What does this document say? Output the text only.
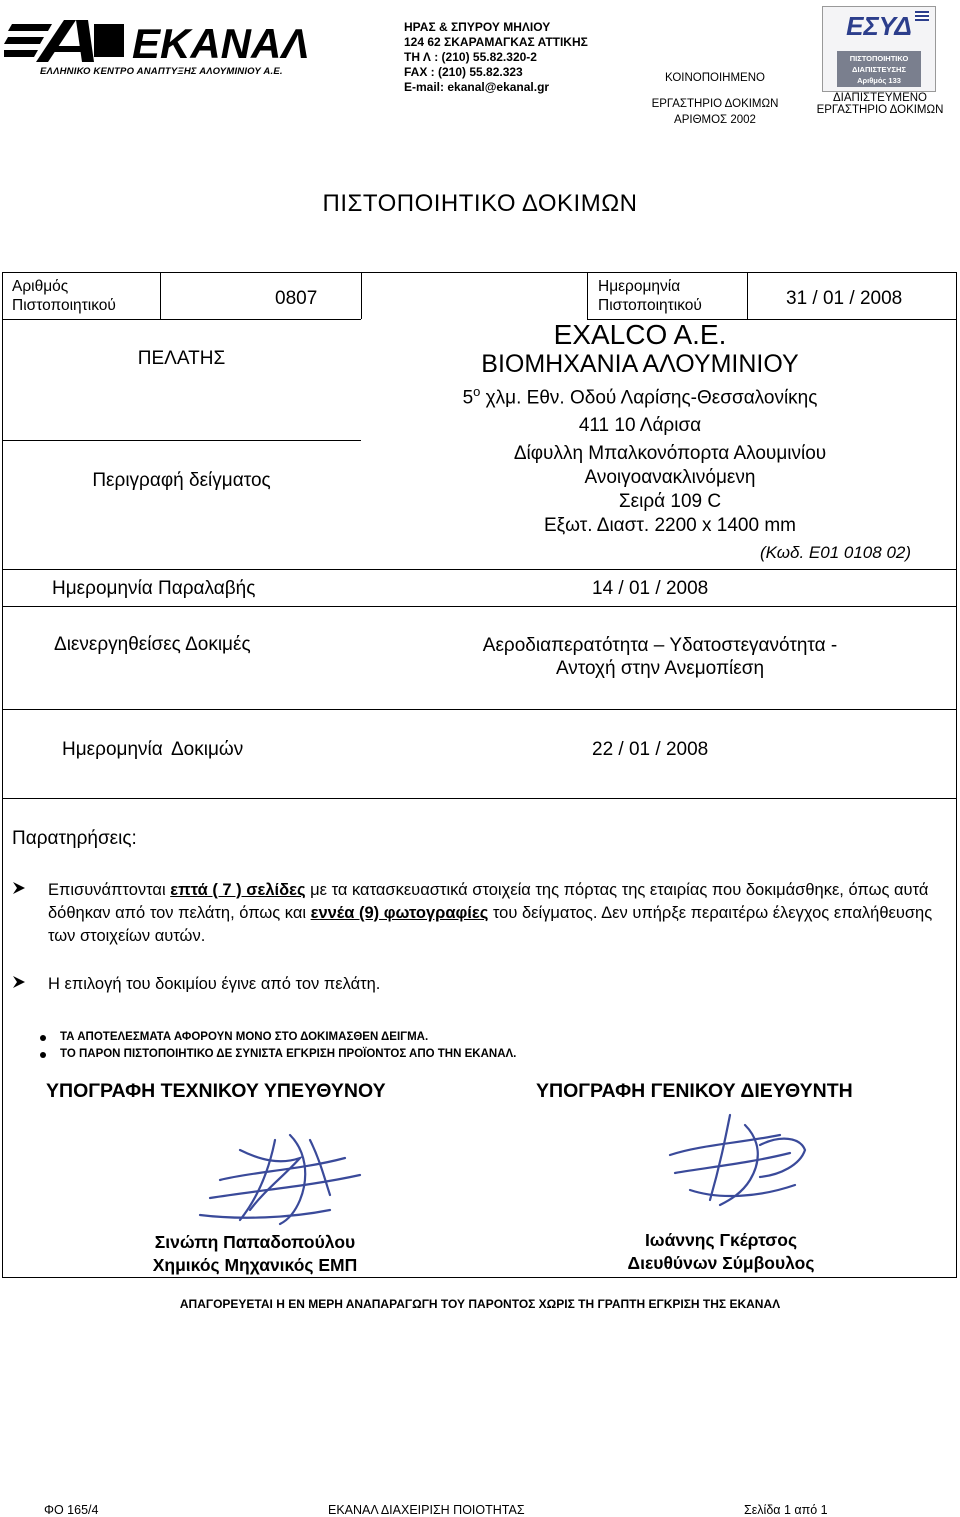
ΕΚΑΝΑΛ
ΕΛΛΗΝΙΚΟ ΚΕΝΤΡΟ ΑΝΑΠΤΥΞΗΣ ΑΛΟΥΜΙΝΙΟΥ Α.Ε.
ΗΡΑΣ & ΣΠΥΡΟΥ ΜΗΛΙΟΥ
124 62 ΣΚΑΡΑΜΑΓΚΑΣ ΑΤΤΙΚΗΣ
ΤΗ Λ : (210) 55.82.320-2
FAX : (210) 55.82.323
E-mail: ekanal@ekanal.gr
ΚΟΙΝΟΠΟΙΗΜΕΝΟ
ΕΡΓΑΣΤΗΡΙΟ ΔΟΚΙΜΩΝ
ΑΡΙΘΜΟΣ 2002
ΕΣΥΔ
ΠΙΣΤΟΠΟΙΗΤΙΚΟ
ΔΙΑΠΙΣΤΕΥΣΗΣ
Αριθμός 133
ΔΙΑΠΙΣΤΕΥΜΕΝΟ
ΕΡΓΑΣΤΗΡΙΟ ΔΟΚΙΜΩΝ
ΠΙΣΤΟΠΟΙΗΤΙΚΟ ΔΟΚΙΜΩΝ
Αριθμός
Πιστοποιητικού	0807
Ημερομηνία
Πιστοποιητικού	31 / 01 / 2008
ΠΕΛΑΤΗΣ
EXALCO A.E.
ΒΙΟΜΗΧΑΝΙΑ ΑΛΟΥΜΙΝΙΟΥ
$5^o$ χλμ. Εθν. Οδού Λαρίσης-Θεσσαλονίκης
411 10 Λάρισα
Περιγραφή δείγματος
Δίφυλλη Μπαλκονόπορτα Αλουμινίου
Ανοιγοανακλινόμενη
Σειρά 109 C
Εξωτ. Διαστ. 2200 x 1400 mm
(Κωδ. Ε01 0108 02)
Ημερομηνία Παραλαβής	14 / 01 / 2008
Διενεργηθείσες Δοκιμές	Αεροδιαπερατότητα – Υδατοστεγανότητα -
Αντοχή στην Ανεμοπίεση
Ημερομηνία Δοκιμών	22 / 01 / 2008
Παρατηρήσεις:
Επισυνάπτονται επτά ( 7 ) σελίδες με τα κατασκευαστικά στοιχεία της πόρτας της εταιρίας που δοκιμάσθηκε, όπως αυτά δόθηκαν από τον πελάτη, όπως και εννέα (9) φωτογραφίες του δείγματος. Δεν υπήρξε περαιτέρω έλεγχος επαλήθευσης των στοιχείων αυτών.
Η επιλογή του δοκιμίου έγινε από τον πελάτη.
ΤΑ ΑΠΟΤΕΛΕΣΜΑΤΑ ΑΦΟΡΟΥΝ ΜΟΝΟ ΣΤΟ ΔΟΚΙΜΑΣΘΕΝ ΔΕΙΓΜΑ.
ΤΟ ΠΑΡΟΝ ΠΙΣΤΟΠΟΙΗΤΙΚΟ ΔΕ ΣΥΝΙΣΤΑ ΕΓΚΡΙΣΗ ΠΡΟΪΟΝΤΟΣ ΑΠΟ ΤΗΝ ΕΚΑΝΑΛ.
ΥΠΟΓΡΑΦΗ ΤΕΧΝΙΚΟΥ ΥΠΕΥΘΥΝΟΥ	ΥΠΟΓΡΑΦΗ ΓΕΝΙΚΟΥ ΔΙΕΥΘΥΝΤΗ
Σινώπη Παπαδοπούλου
Χημικός Μηχανικός ΕΜΠ
Ιωάννης Γκέρτσος
Διευθύνων Σύμβουλος
ΑΠΑΓΟΡΕΥΕΤΑΙ Η ΕΝ ΜΕΡΗ ΑΝΑΠΑΡΑΓΩΓΗ ΤΟΥ ΠΑΡΟΝΤΟΣ ΧΩΡΙΣ ΤΗ ΓΡΑΠΤΗ ΕΓΚΡΙΣΗ ΤΗΣ ΕΚΑΝΑΛ
ΦΟ 165/4	ΕΚΑΝΑΛ ΔΙΑΧΕΙΡΙΣΗ ΠΟΙΟΤΗΤΑΣ	Σελίδα 1 από 1
